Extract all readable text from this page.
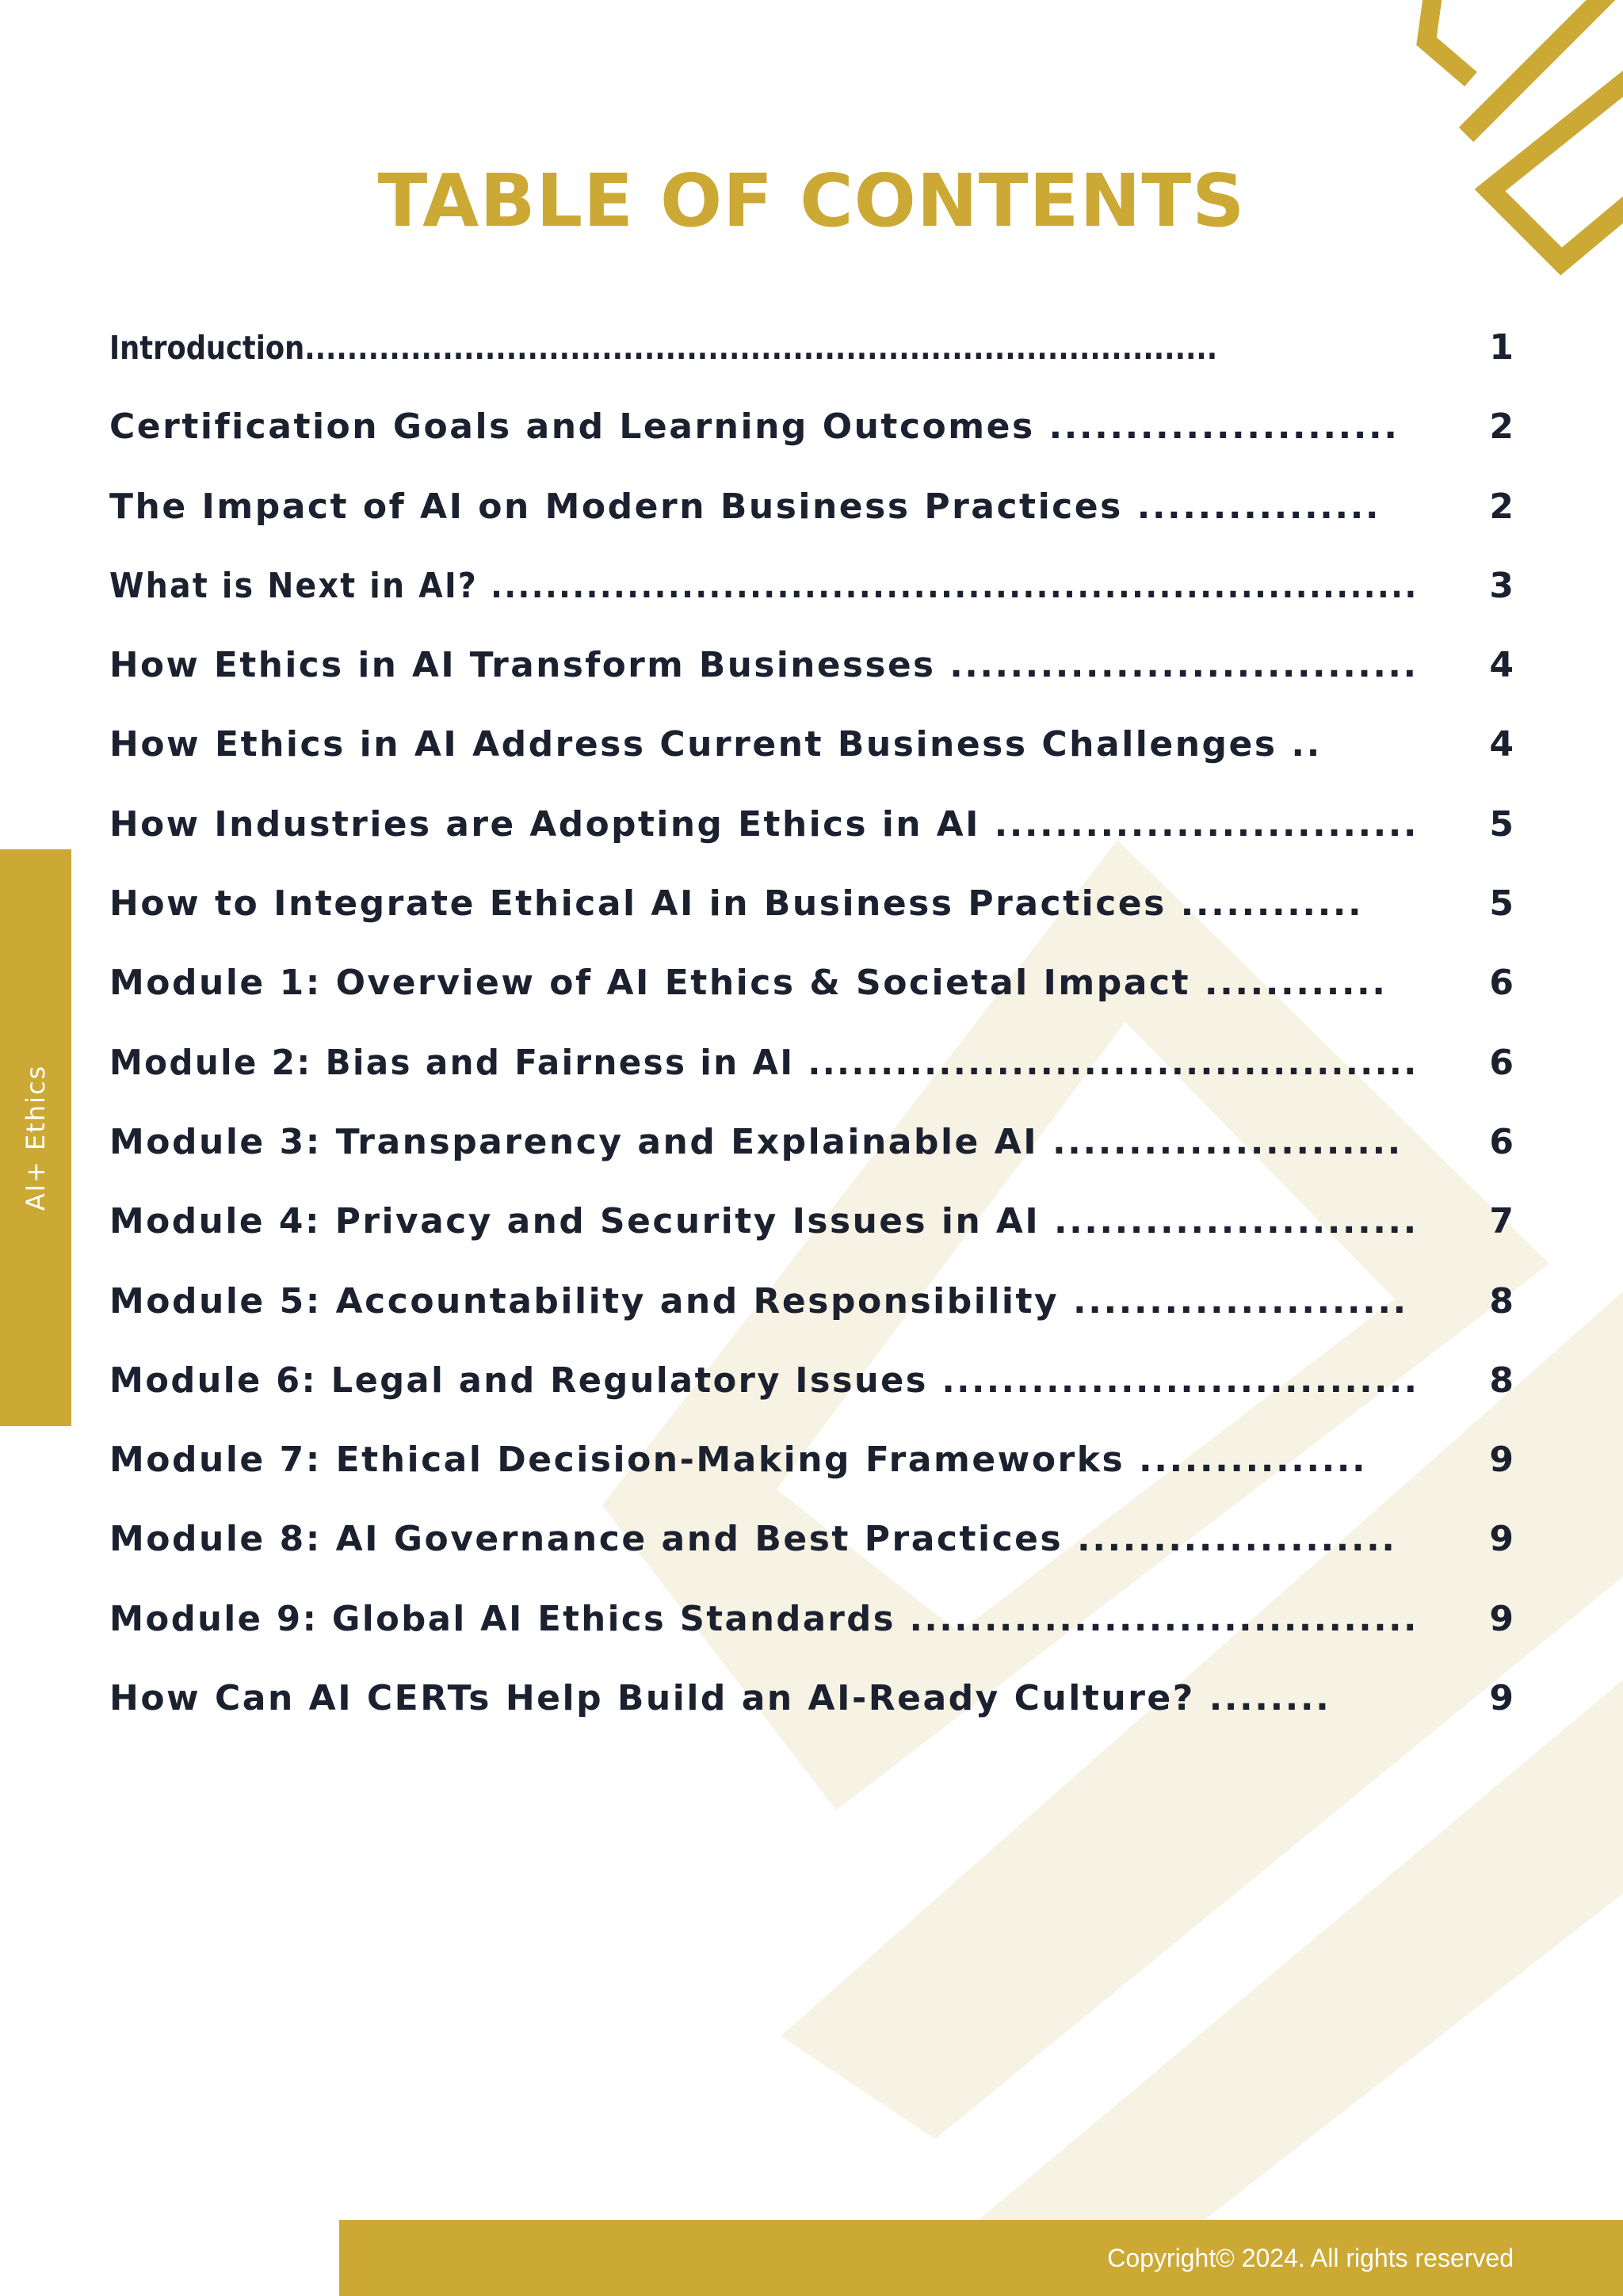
AI+ Ethics
TABLE OF CONTENTS
Introduction......................................................................................	1
Certification Goals and Learning Outcomes .......................	2
The Impact of AI on Modern Business Practices ................	2
What is Next in AI? ....................................................................	3
How Ethics in AI Transform Businesses ...............................	4
How Ethics in AI Address Current Business Challenges ..	4
How Industries are Adopting Ethics in AI ............................	5
How to Integrate Ethical AI in Business Practices ............	5
Module 1: Overview of AI Ethics & Societal Impact ............	6
Module 2: Bias and Fairness in AI ..........................................	6
Module 3: Transparency and Explainable AI .......................	6
Module 4: Privacy and Security Issues in AI ........................	7
Module 5: Accountability and Responsibility ......................	8
Module 6: Legal and Regulatory Issues ................................	8
Module 7: Ethical Decision-Making Frameworks ...............	9
Module 8: AI Governance and Best Practices .....................	9
Module 9: Global AI Ethics Standards ..................................	9
How Can AI CERTs Help Build an AI-Ready Culture? ........	9
Copyright© 2024. All rights reserved
